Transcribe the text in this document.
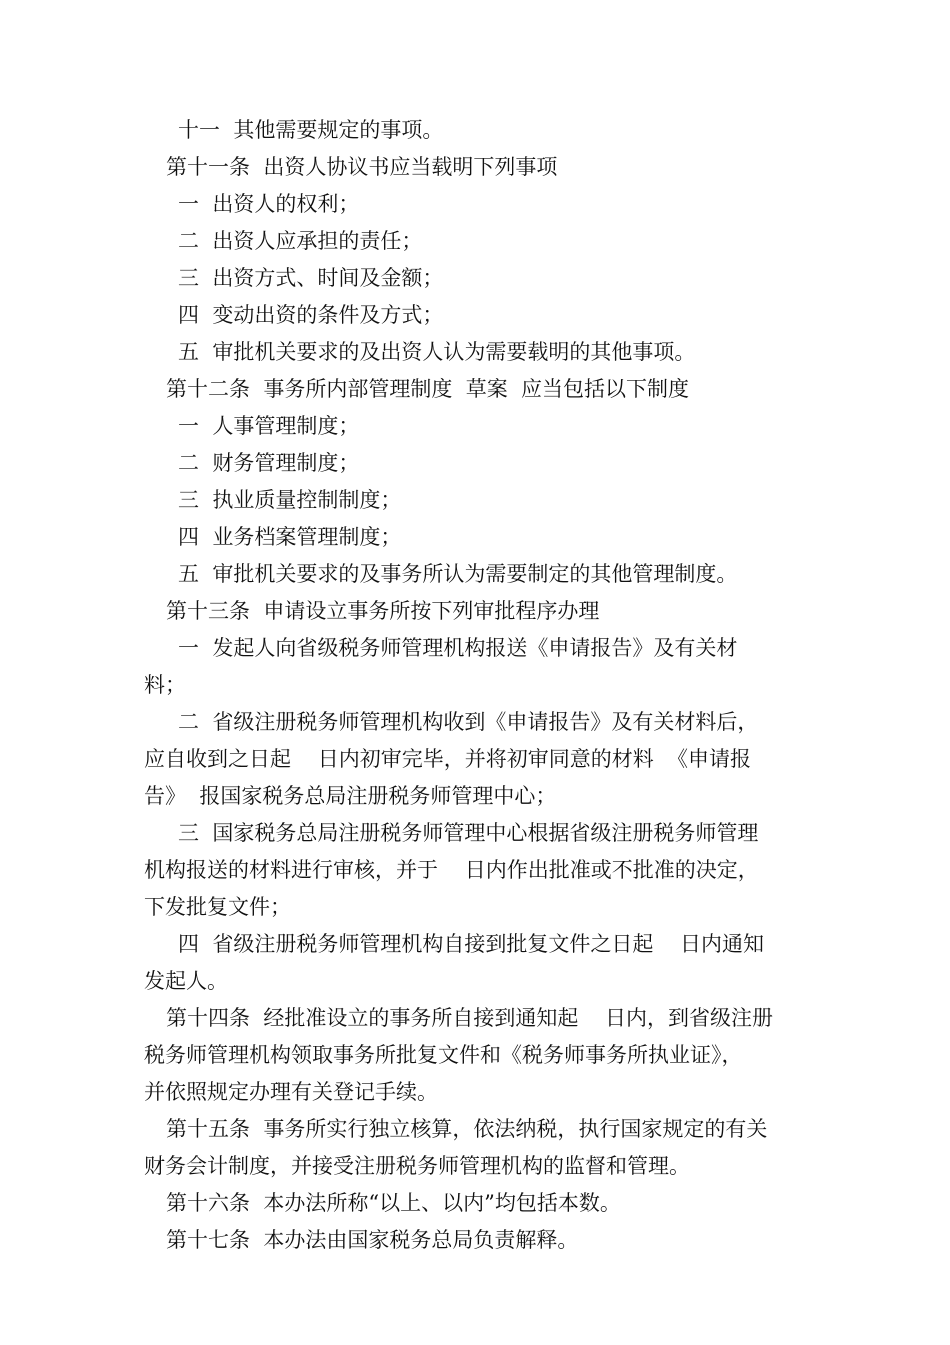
十一  其他需要规定的事项。

第十一条  出资人协议书应当载明下列事项

一  出资人的权利；

二  出资人应承担的责任；

三  出资方式、时间及金额；

四  变动出资的条件及方式；

五  审批机关要求的及出资人认为需要载明的其他事项。

第十二条  事务所内部管理制度  草案  应当包括以下制度

一  人事管理制度；

二  财务管理制度；

三  执业质量控制制度；

四  业务档案管理制度；

五  审批机关要求的及事务所认为需要制定的其他管理制度。

第十三条  申请设立事务所按下列审批程序办理

一  发起人向省级税务师管理机构报送《申请报告》及有关材

料；

二  省级注册税务师管理机构收到《申请报告》及有关材料后，

应自收到之日起    日内初审完毕，并将初审同意的材料  《申请报

告》  报国家税务总局注册税务师管理中心；

三  国家税务总局注册税务师管理中心根据省级注册税务师管理

机构报送的材料进行审核，并于    日内作出批准或不批准的决定，

下发批复文件；

四  省级注册税务师管理机构自接到批复文件之日起    日内通知

发起人。

第十四条  经批准设立的事务所自接到通知起    日内，到省级注册

税务师管理机构领取事务所批复文件和《税务师事务所执业证》，

并依照规定办理有关登记手续。

第十五条  事务所实行独立核算，依法纳税，执行国家规定的有关

财务会计制度，并接受注册税务师管理机构的监督和管理。

第十六条  本办法所称“以上、以内”均包括本数。

第十七条  本办法由国家税务总局负责解释。
